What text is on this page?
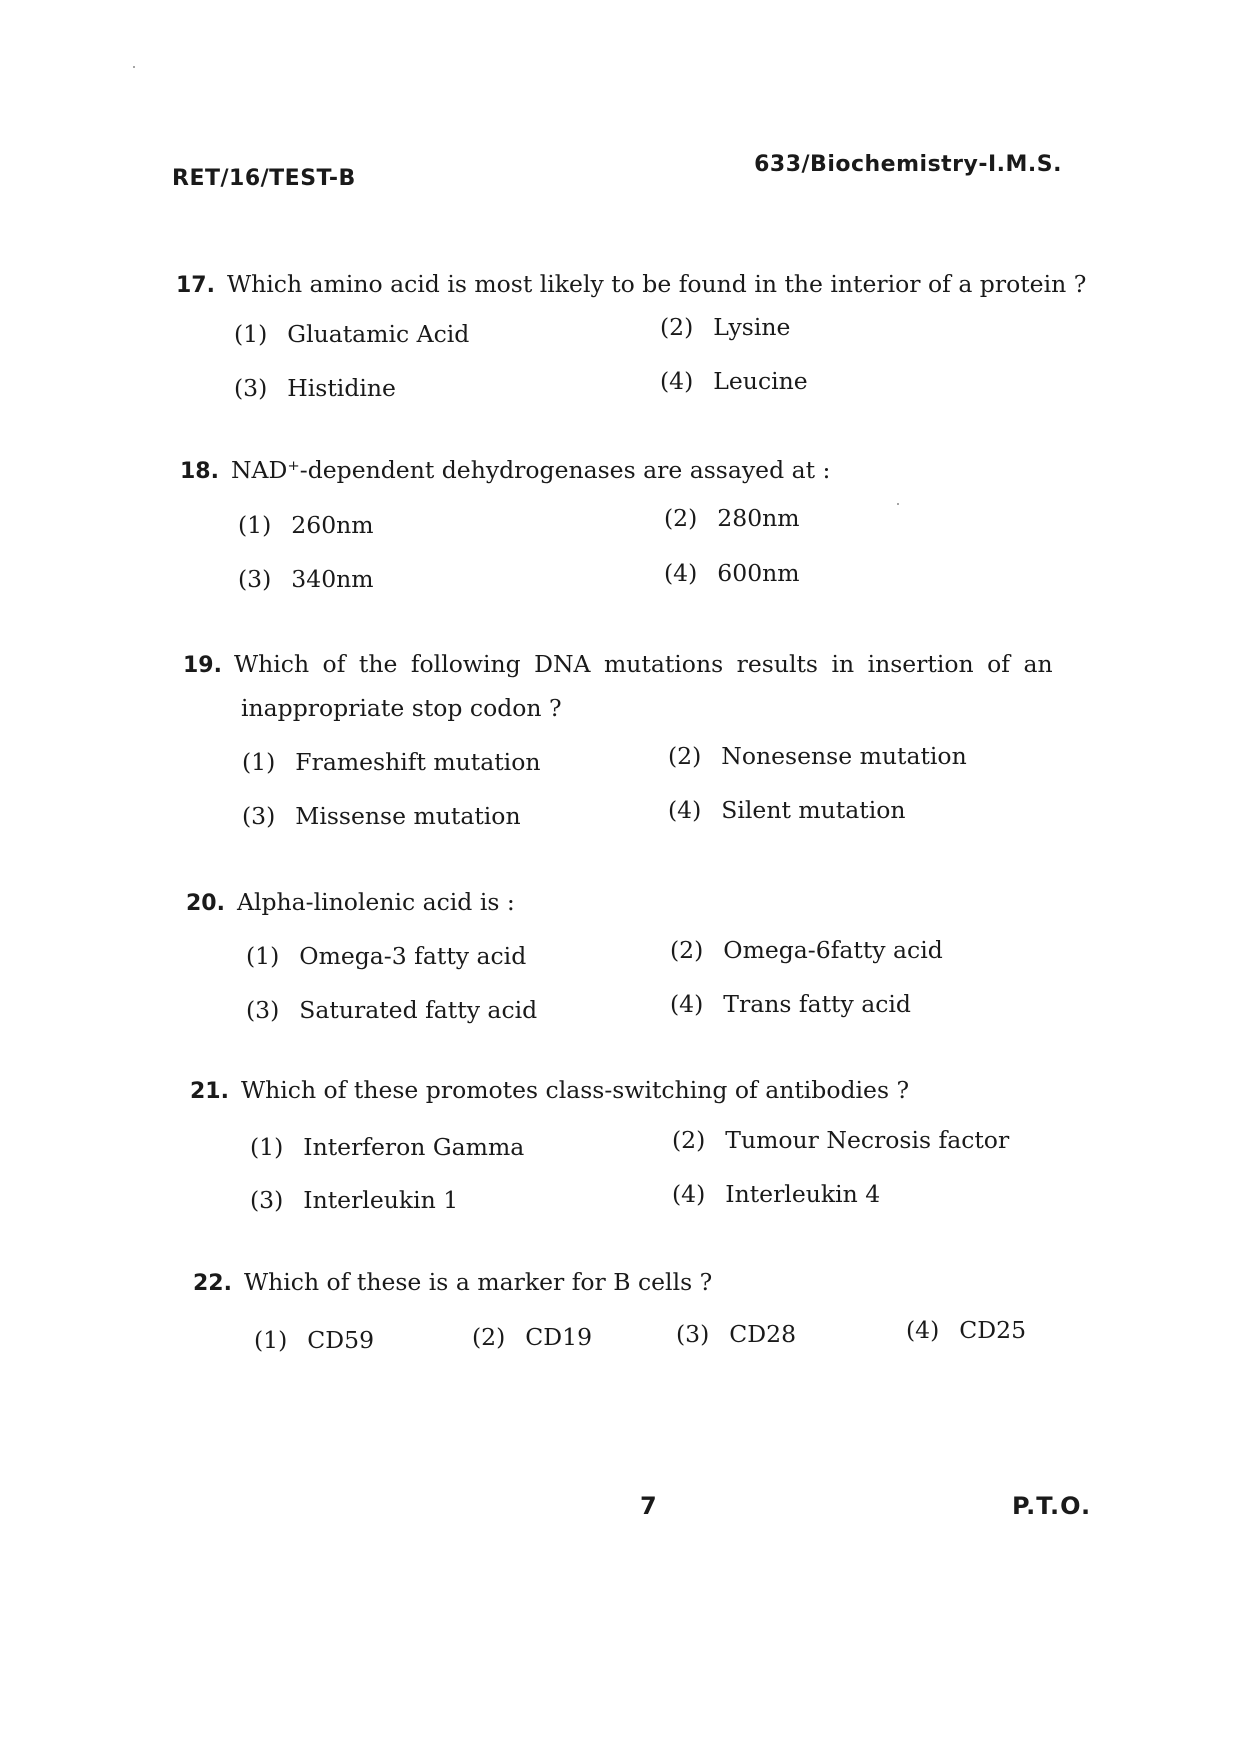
RET/16/TEST-B
633/Biochemistry-I.M.S.
17. Which amino acid is most likely to be found in the interior of a protein ?
(1) Gluatamic Acid	(2) Lysine
(3) Histidine	(4) Leucine
18. NAD⁺-dependent dehydrogenases are assayed at :
(1) 260nm	(2) 280nm
(3) 340nm	(4) 600nm
19. Which of the following DNA mutations results in insertion of an
inappropriate stop codon ?
(1) Frameshift mutation	(2) Nonesense mutation
(3) Missense mutation	(4) Silent mutation
20. Alpha-linolenic acid is :
(1) Omega-3 fatty acid	(2) Omega-6fatty acid
(3) Saturated fatty acid	(4) Trans fatty acid
21. Which of these promotes class-switching of antibodies ?
(1) Interferon Gamma	(2) Tumour Necrosis factor
(3) Interleukin 1	(4) Interleukin 4
22. Which of these is a marker for B cells ?
(1) CD59	(2) CD19	(3) CD28	(4) CD25
7	P.T.O.
